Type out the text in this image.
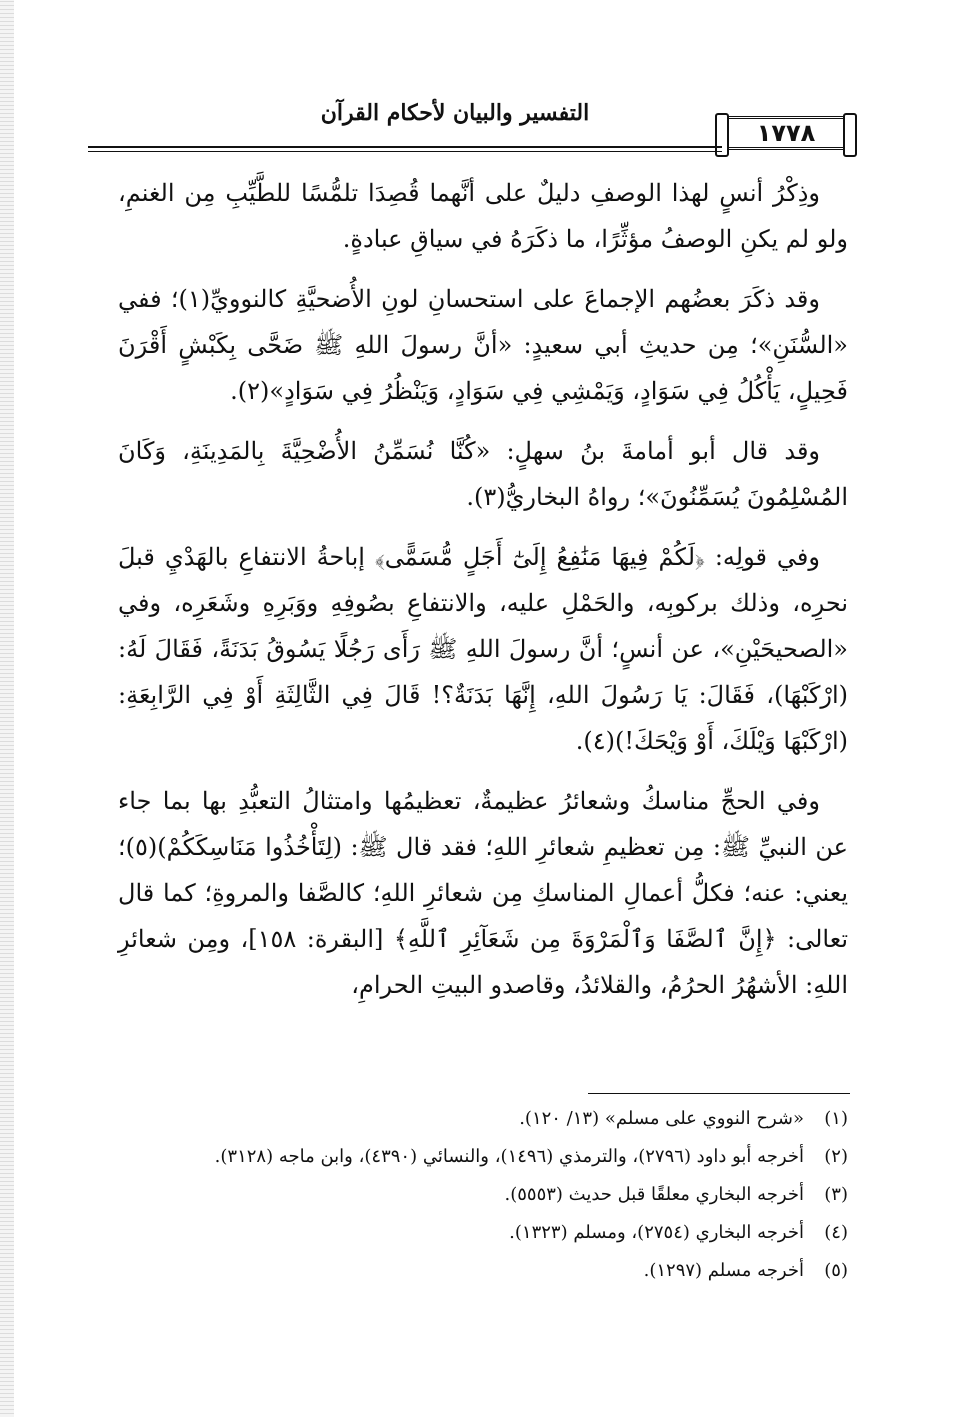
التفسير والبيان لأحكام القرآن
١٧٧٨

وذِكْرُ أنسٍ لهذا الوصفِ دليلٌ على أنَّهما قُصِدَا تلمُّسًا للطَّيِّبِ مِن الغنمِ، ولو لم يكنِ الوصفُ مؤثِّرًا، ما ذكَرَهُ في سياقِ عبادةٍ.

وقد ذكَرَ بعضُهم الإجماعَ على استحسانِ لونِ الأُضحيَّةِ كالنوويِّ(١)؛ ففي «السُّنَنِ»؛ مِن حديثِ أبي سعيدٍ: «أنَّ رسولَ اللهِ ﷺ ضَحَّى بِكَبْشٍ أَقْرَنَ فَحِيلٍ، يَأْكُلُ فِي سَوَادٍ، وَيَمْشِي فِي سَوَادٍ، وَيَنْظُرُ فِي سَوَادٍ»(٢).

وقد قال أبو أمامةَ بنُ سهلٍ: «كُنَّا نُسَمِّنُ الأُضْحِيَّةَ بِالمَدِينَةِ، وَكَانَ المُسْلِمُونَ يُسَمِّنُونَ»؛ رواهُ البخاريُّ(٣).

وفي قولِه: ﴿لَكُمْ فِيهَا مَنَٰفِعُ إِلَىٰٓ أَجَلٍ مُّسَمًّى﴾ إباحةُ الانتفاعِ بالهَدْيِ قبلَ نحرِه، وذلك بركوبِه، والحَمْلِ عليه، والانتفاعِ بصُوفِهِ ووَبَرِهِ وشَعَرِه، وفي «الصحيحَيْنِ»، عن أنسٍ؛ أنَّ رسولَ اللهِ ﷺ رَأَى رَجُلًا يَسُوقُ بَدَنَةً، فَقَالَ لَهُ: (ارْكَبْهَا)، فَقَالَ: يَا رَسُولَ اللهِ، إِنَّهَا بَدَنَةٌ؟! قَالَ فِي الثَّالِثَةِ أَوْ فِي الرَّابِعَةِ: (ارْكَبْهَا وَيْلَكَ، أَوْ وَيْحَكَ!)(٤).

وفي الحجِّ مناسكُ وشعائرُ عظيمةٌ، تعظيمُها وامتثالُ التعبُّدِ بها بما جاء عن النبيِّ ﷺ: مِن تعظيمِ شعائرِ اللهِ؛ فقد قال ﷺ: (لِتَأْخُذُوا مَنَاسِكَكُمْ)(٥)؛ يعني: عنه؛ فكلُّ أعمالِ المناسكِ مِن شعائرِ اللهِ؛ كالصَّفا والمروةِ؛ كما قال تعالى: ﴿إِنَّ ٱلصَّفَا وَٱلْمَرْوَةَ مِن شَعَآئِرِ ٱللَّهِ﴾ [البقرة: ١٥٨]، ومِن شعائرِ اللهِ: الأشهُرُ الحرُمُ، والقلائدُ، وقاصدو البيتِ الحرامِ،

(١)
«شرح النووي على مسلم» (١٣/ ١٢٠).
(٢)
أخرجه أبو داود (٢٧٩٦)، والترمذي (١٤٩٦)، والنسائي (٤٣٩٠)، وابن ماجه (٣١٢٨).
(٣)
أخرجه البخاري معلقًا قبل حديث (٥٥٥٣).
(٤)
أخرجه البخاري (٢٧٥٤)، ومسلم (١٣٢٣).
(٥)
أخرجه مسلم (١٢٩٧).
